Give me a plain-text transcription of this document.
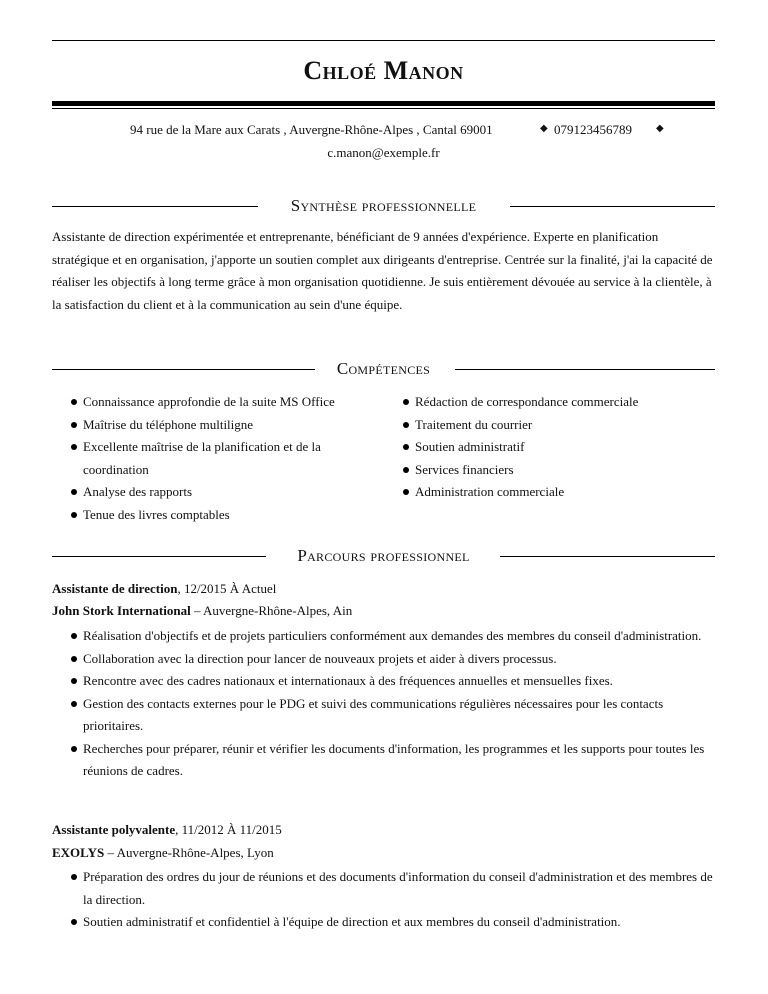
Chloé Manon
94 rue de la Mare aux Carats , Auvergne-Rhône-Alpes , Cantal 69001	◆ 079123456789 ◆
c.manon@exemple.fr
Synthèse professionnelle
Assistante de direction expérimentée et entreprenante, bénéficiant de 9 années d'expérience. Experte en planification stratégique et en organisation, j'apporte un soutien complet aux dirigeants d'entreprise. Centrée sur la finalité, j'ai la capacité de réaliser les objectifs à long terme grâce à mon organisation quotidienne. Je suis entièrement dévouée au service à la clientèle, à la satisfaction du client et à la communication au sein d'une équipe.
Compétences
Connaissance approfondie de la suite MS Office
Maîtrise du téléphone multiligne
Excellente maîtrise de la planification et de la coordination
Analyse des rapports
Tenue des livres comptables
Rédaction de correspondance commerciale
Traitement du courrier
Soutien administratif
Services financiers
Administration commerciale
Parcours professionnel
Assistante de direction, 12/2015 À Actuel
John Stork International – Auvergne-Rhône-Alpes, Ain
Réalisation d'objectifs et de projets particuliers conformément aux demandes des membres du conseil d'administration.
Collaboration avec la direction pour lancer de nouveaux projets et aider à divers processus.
Rencontre avec des cadres nationaux et internationaux à des fréquences annuelles et mensuelles fixes.
Gestion des contacts externes pour le PDG et suivi des communications régulières nécessaires pour les contacts prioritaires.
Recherches pour préparer, réunir et vérifier les documents d'information, les programmes et les supports pour toutes les réunions de cadres.
Assistante polyvalente, 11/2012 À 11/2015
EXOLYS – Auvergne-Rhône-Alpes, Lyon
Préparation des ordres du jour de réunions et des documents d'information du conseil d'administration et des membres de la direction.
Soutien administratif et confidentiel à l'équipe de direction et aux membres du conseil d'administration.
